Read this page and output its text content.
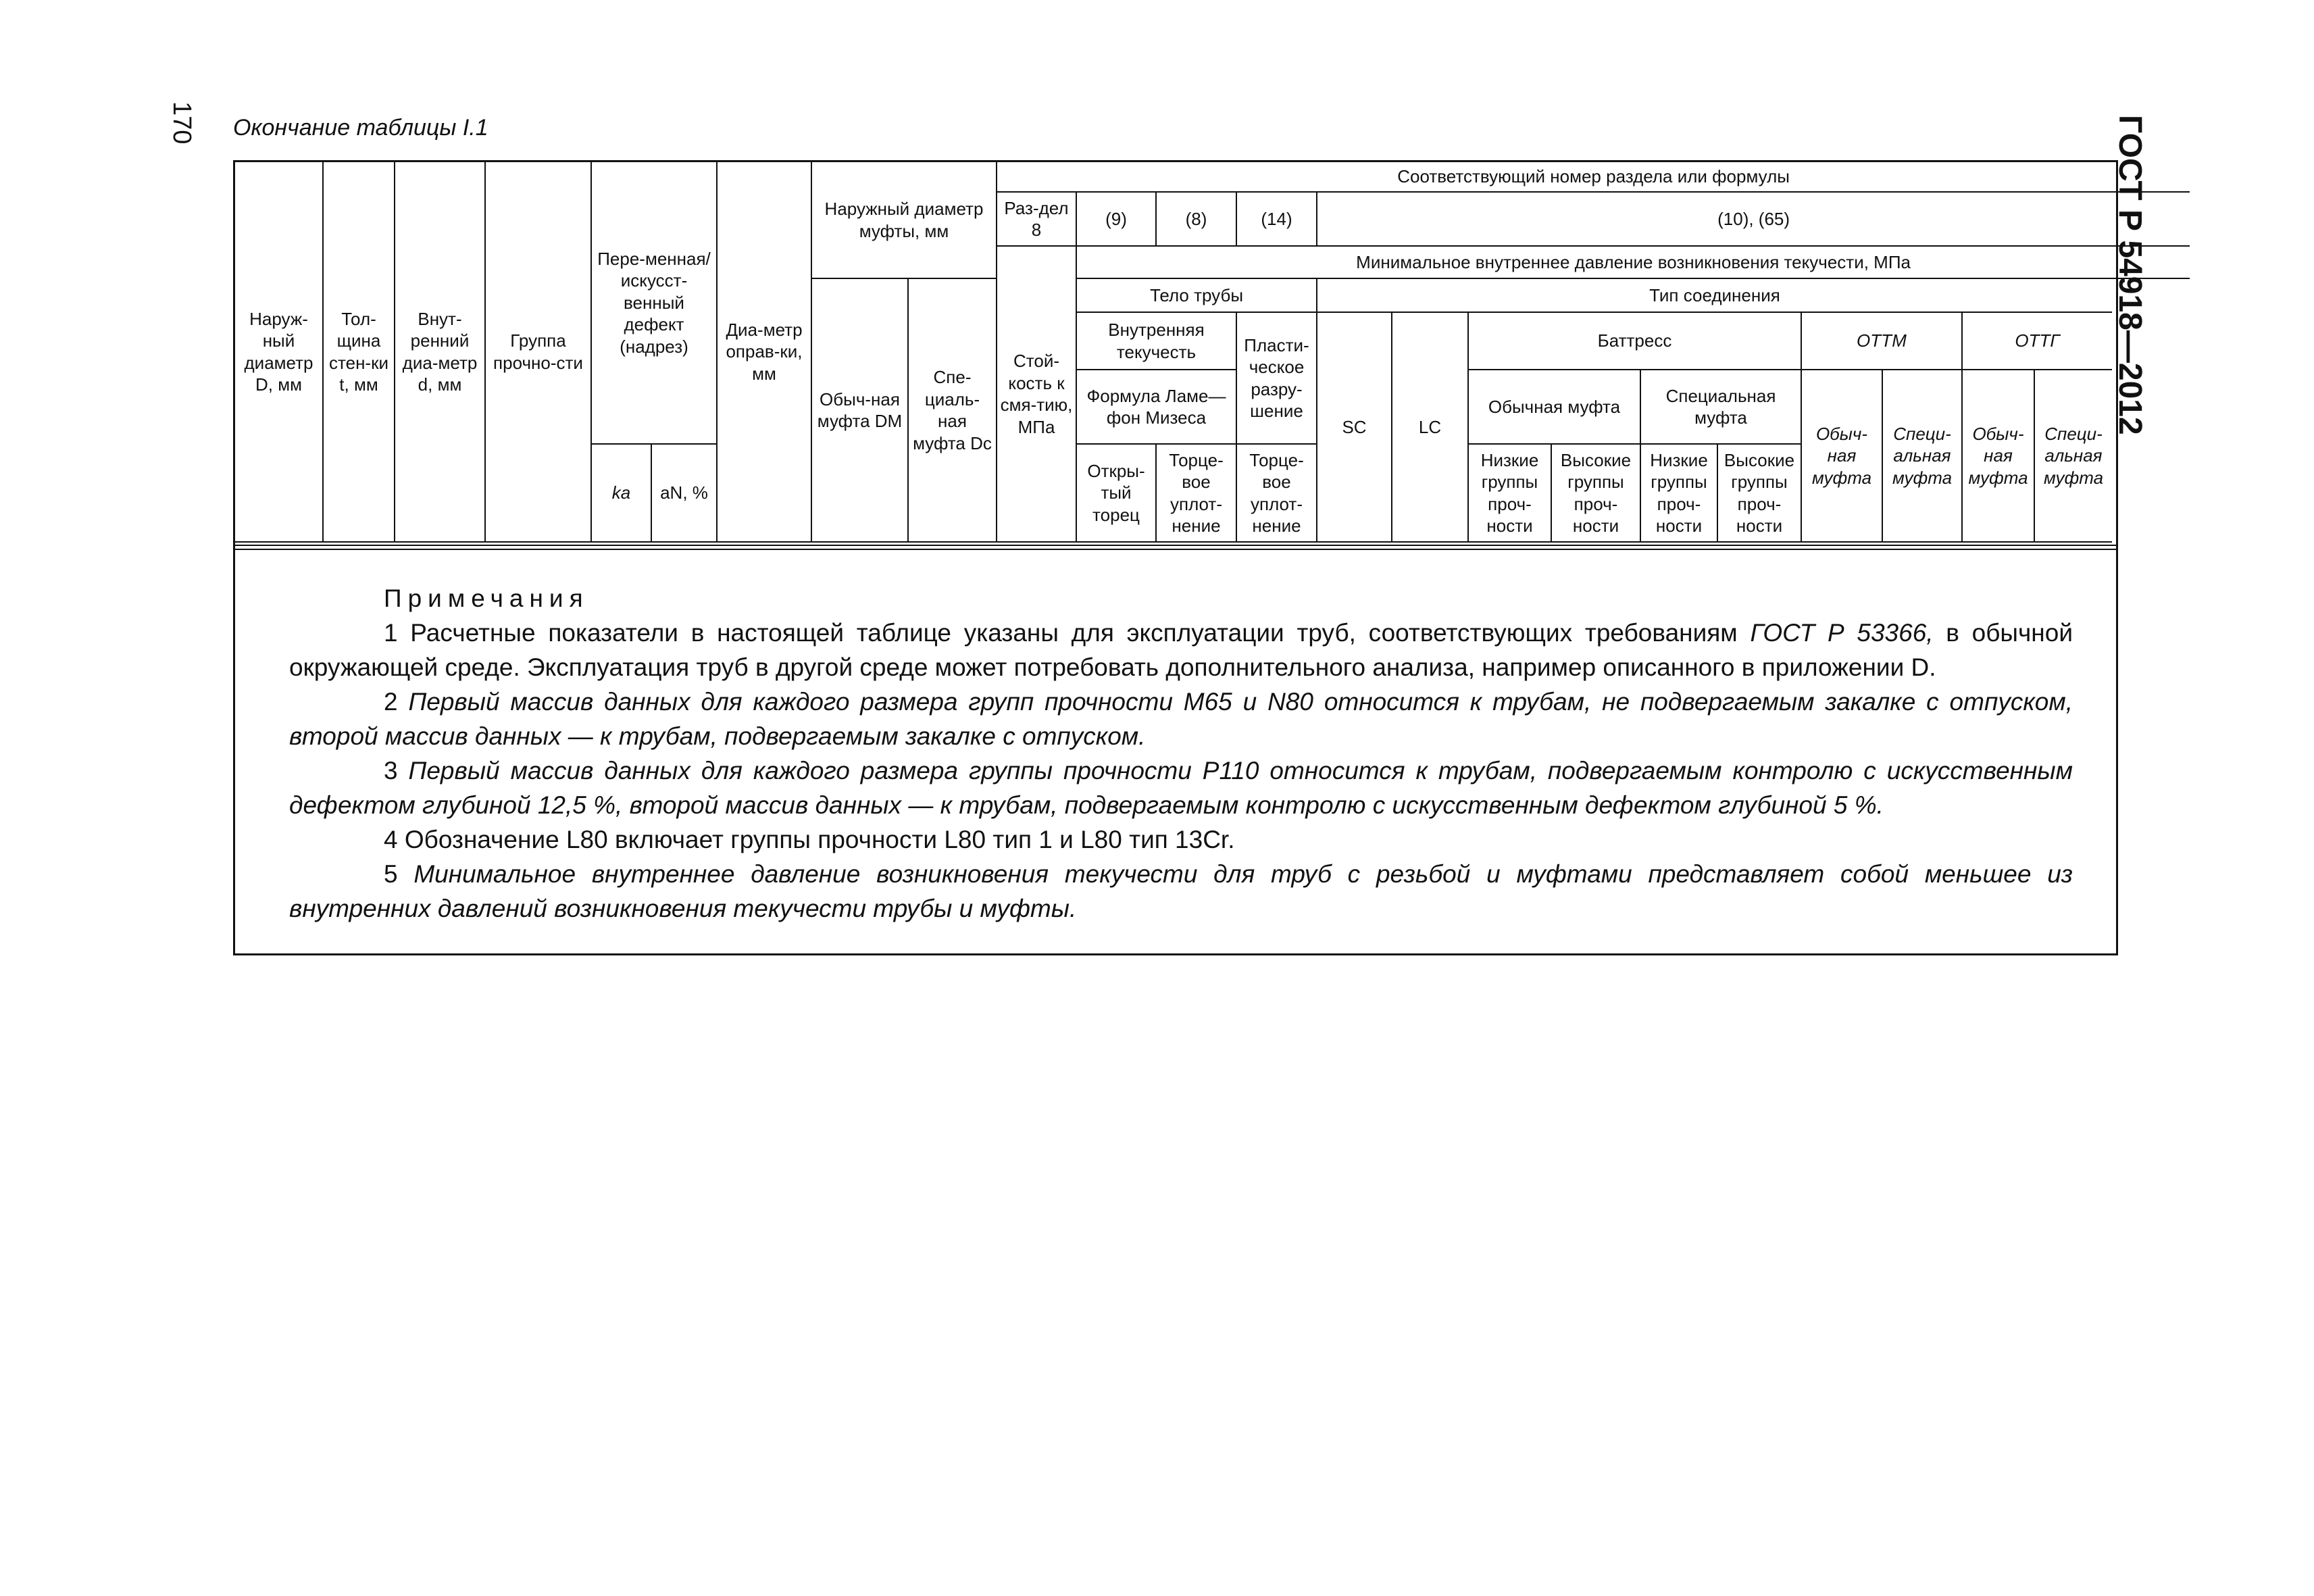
170	ГОСТ Р 54918—2012
Окончание таблицы I.1
Наруж-ный диаметр D, мм	Тол-щина стен-ки t, мм	Внут-ренний диа-метр d, мм	Группа прочно-сти	Пере-менная/ искусст-венный дефект (надрез)		Диа-метр оправ-ки, мм	Наружный диаметр муфты, мм		Соответствующий номер раздела или формулы													
									Раз-дел 8	(9)	(8)	(14)	(10), (65)									
									Стой-кость к смя-тию, МПа	Минимальное внутреннее давление возникновения текучести, МПа												
							Обыч-ная муфта DM	Спе-циаль-ная муфта Dc		Тело трубы			Тип соединения									
										Внутренняя текучесть		Пласти-ческое разру-шение	SC	LC	Баттресс				ОТТМ		ОТТГ	
										Формула Ламе—фон Мизеса					Обычная муфта		Специальная муфта		Обыч-ная муфта	Специ-альная муфта	Обыч-ная муфта	Специ-альная муфта
				ka	aN, %					Откры-тый торец	Торце-вое уплот-нение	Торце-вое уплот-нение			Низкие группы проч-ности	Высокие группы проч-ности	Низкие группы проч-ности	Высокие группы проч-ности				

Примечания

1 Расчетные показатели в настоящей таблице указаны для эксплуатации труб, соответствующих требованиям ГОСТ Р 53366, в обычной окружающей среде. Эксплуатация труб в другой среде может потребовать дополнительного анализа, например описанного в приложении D.

2 Первый массив данных для каждого размера групп прочности М65 и N80 относится к трубам, не подвергаемым закалке с отпуском, второй массив данных — к трубам, подвергаемым закалке с отпуском.

3 Первый массив данных для каждого размера группы прочности Р110 относится к трубам, подвергаемым контролю с искусственным дефектом глубиной 12,5 %, второй массив данных — к трубам, подвергаемым контролю с искусственным дефектом глубиной 5 %.

4 Обозначение L80 включает группы прочности L80 тип 1 и L80 тип 13Cr.

5 Минимальное внутреннее давление возникновения текучести для труб с резьбой и муфтами представляет собой меньшее из внутренних давлений возникновения текучести трубы и муфты.
